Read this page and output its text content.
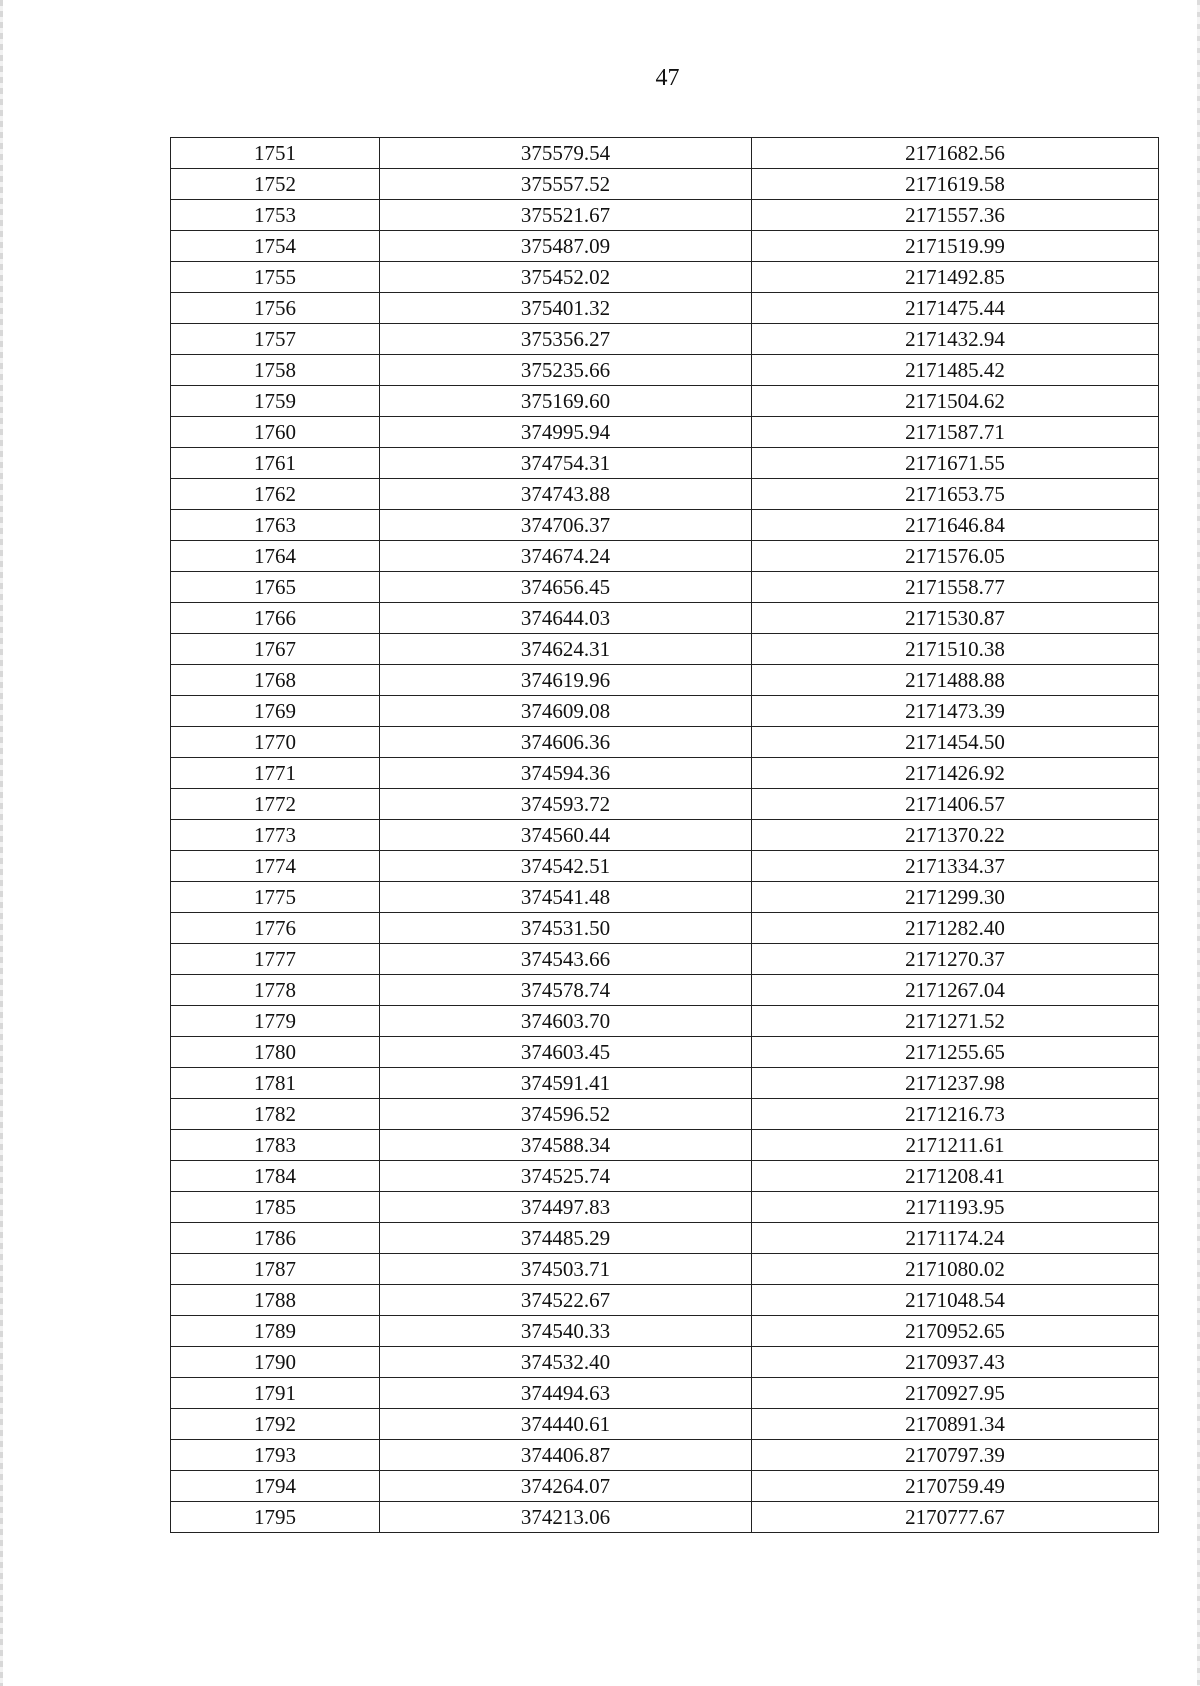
47
1751	375579.54	2171682.56
1752	375557.52	2171619.58
1753	375521.67	2171557.36
1754	375487.09	2171519.99
1755	375452.02	2171492.85
1756	375401.32	2171475.44
1757	375356.27	2171432.94
1758	375235.66	2171485.42
1759	375169.60	2171504.62
1760	374995.94	2171587.71
1761	374754.31	2171671.55
1762	374743.88	2171653.75
1763	374706.37	2171646.84
1764	374674.24	2171576.05
1765	374656.45	2171558.77
1766	374644.03	2171530.87
1767	374624.31	2171510.38
1768	374619.96	2171488.88
1769	374609.08	2171473.39
1770	374606.36	2171454.50
1771	374594.36	2171426.92
1772	374593.72	2171406.57
1773	374560.44	2171370.22
1774	374542.51	2171334.37
1775	374541.48	2171299.30
1776	374531.50	2171282.40
1777	374543.66	2171270.37
1778	374578.74	2171267.04
1779	374603.70	2171271.52
1780	374603.45	2171255.65
1781	374591.41	2171237.98
1782	374596.52	2171216.73
1783	374588.34	2171211.61
1784	374525.74	2171208.41
1785	374497.83	2171193.95
1786	374485.29	2171174.24
1787	374503.71	2171080.02
1788	374522.67	2171048.54
1789	374540.33	2170952.65
1790	374532.40	2170937.43
1791	374494.63	2170927.95
1792	374440.61	2170891.34
1793	374406.87	2170797.39
1794	374264.07	2170759.49
1795	374213.06	2170777.67
